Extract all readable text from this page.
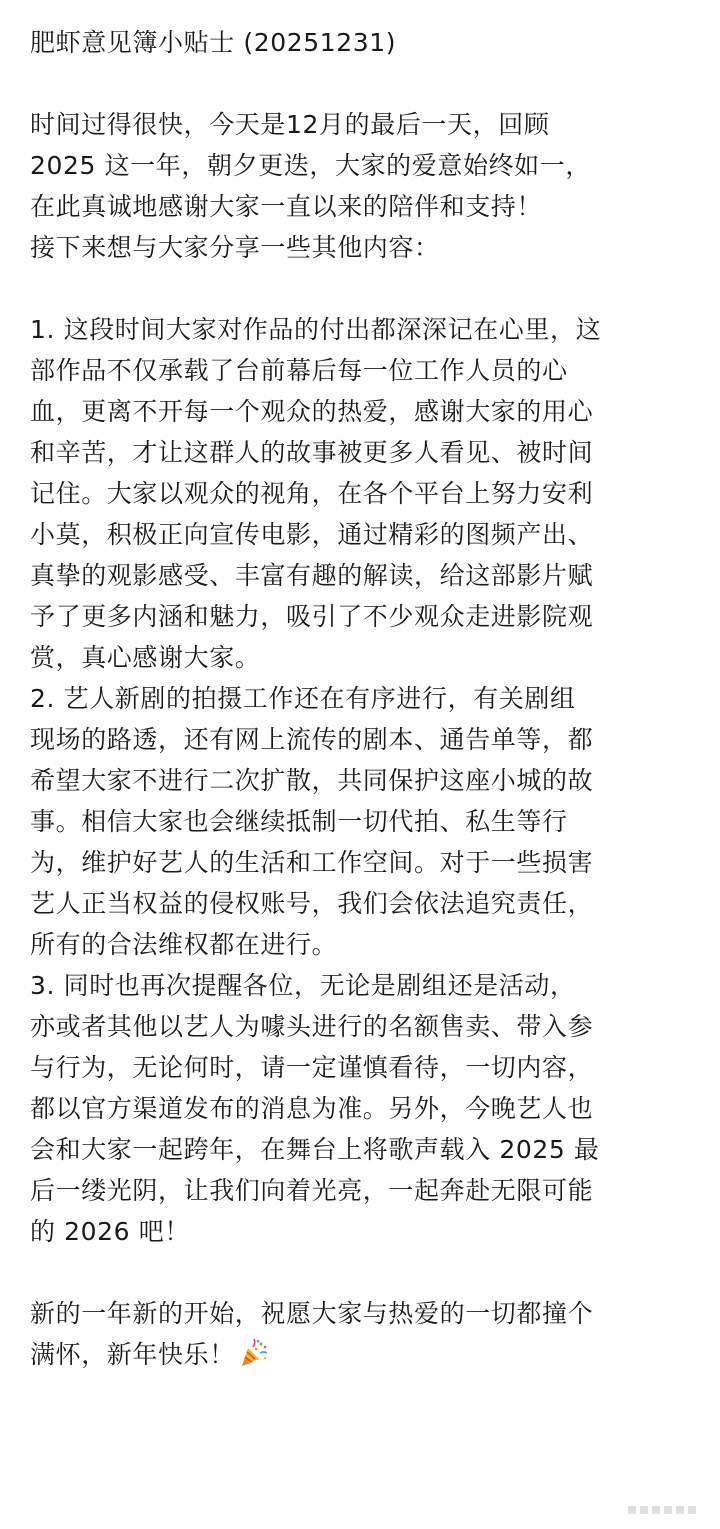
肥虾意见簿小贴士 (20251231)
时间过得很快，今天是12月的最后一天，回顾
2025 这一年，朝夕更迭，大家的爱意始终如一，
在此真诚地感谢大家一直以来的陪伴和支持！
接下来想与大家分享一些其他内容：
1. 这段时间大家对作品的付出都深深记在心里，这
部作品不仅承载了台前幕后每一位工作人员的心
血，更离不开每一个观众的热爱，感谢大家的用心
和辛苦，才让这群人的故事被更多人看见、被时间
记住。大家以观众的视角，在各个平台上努力安利
小莫，积极正向宣传电影，通过精彩的图频产出、
真挚的观影感受、丰富有趣的解读，给这部影片赋
予了更多内涵和魅力，吸引了不少观众走进影院观
赏，真心感谢大家。
2. 艺人新剧的拍摄工作还在有序进行，有关剧组
现场的路透，还有网上流传的剧本、通告单等，都
希望大家不进行二次扩散，共同保护这座小城的故
事。相信大家也会继续抵制一切代拍、私生等行
为，维护好艺人的生活和工作空间。对于一些损害
艺人正当权益的侵权账号，我们会依法追究责任，
所有的合法维权都在进行。
3. 同时也再次提醒各位，无论是剧组还是活动，
亦或者其他以艺人为噱头进行的名额售卖、带入参
与行为，无论何时，请一定谨慎看待，一切内容，
都以官方渠道发布的消息为准。另外，今晚艺人也
会和大家一起跨年，在舞台上将歌声载入 2025 最
后一缕光阴，让我们向着光亮，一起奔赴无限可能
的 2026 吧！
新的一年新的开始，祝愿大家与热爱的一切都撞个
满怀，新年快乐！
